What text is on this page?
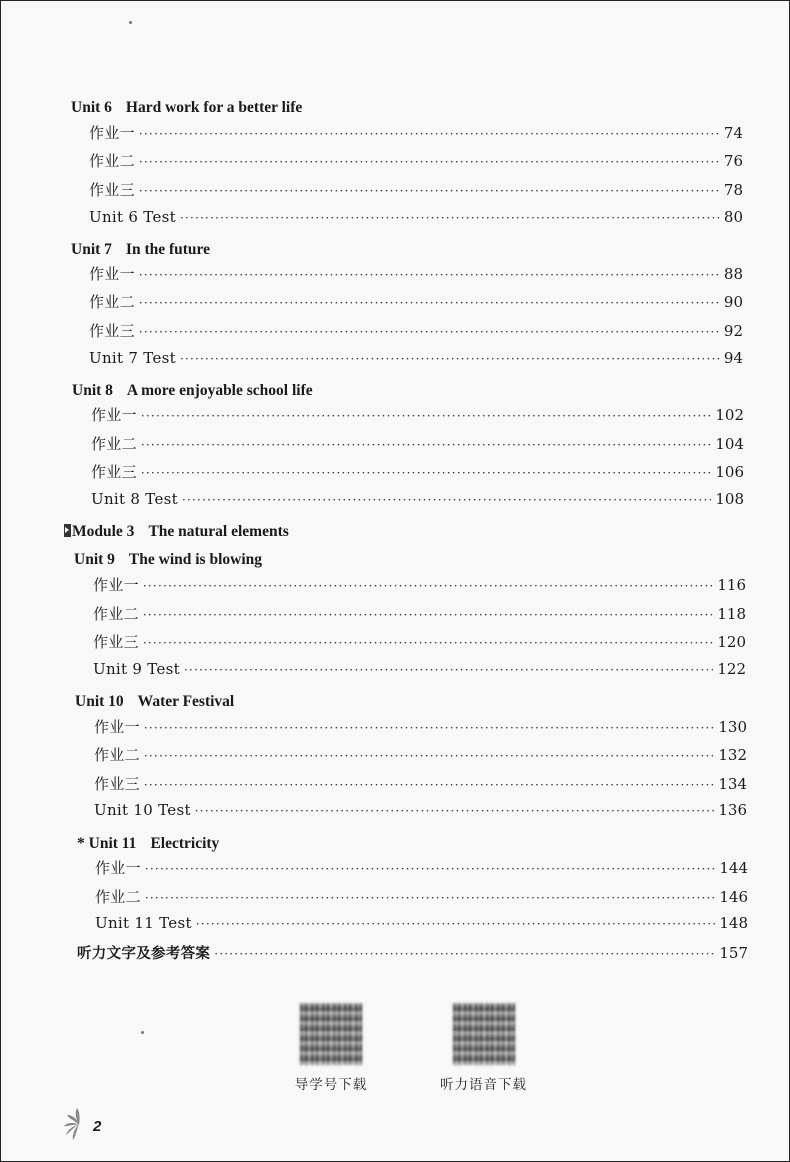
Unit 6 Hard work for a better life
作业一 ·····	74
作业二 ·····	76
作业三 ·····	78
Unit 6 Test ·····	80
Unit 7 In the future
作业一 ·····	88
作业二 ·····	90
作业三 ·····	92
Unit 7 Test ·····	94
Unit 8 A more enjoyable school life
作业一 ·····	102
作业二 ·····	104
作业三 ·····	106
Unit 8 Test ·····	108
Module 3 The natural elements
Unit 9 The wind is blowing
作业一 ·····	116
作业二 ·····	118
作业三 ·····	120
Unit 9 Test ·····	122
Unit 10 Water Festival
作业一 ·····	130
作业二 ·····	132
作业三 ·····	134
Unit 10 Test ·····	136
* Unit 11 Electricity
作业一 ·····	144
作业二 ·····	146
Unit 11 Test ·····	148
听力文字及参考答案 ·····	157
导学号下载	听力语音下载
2
